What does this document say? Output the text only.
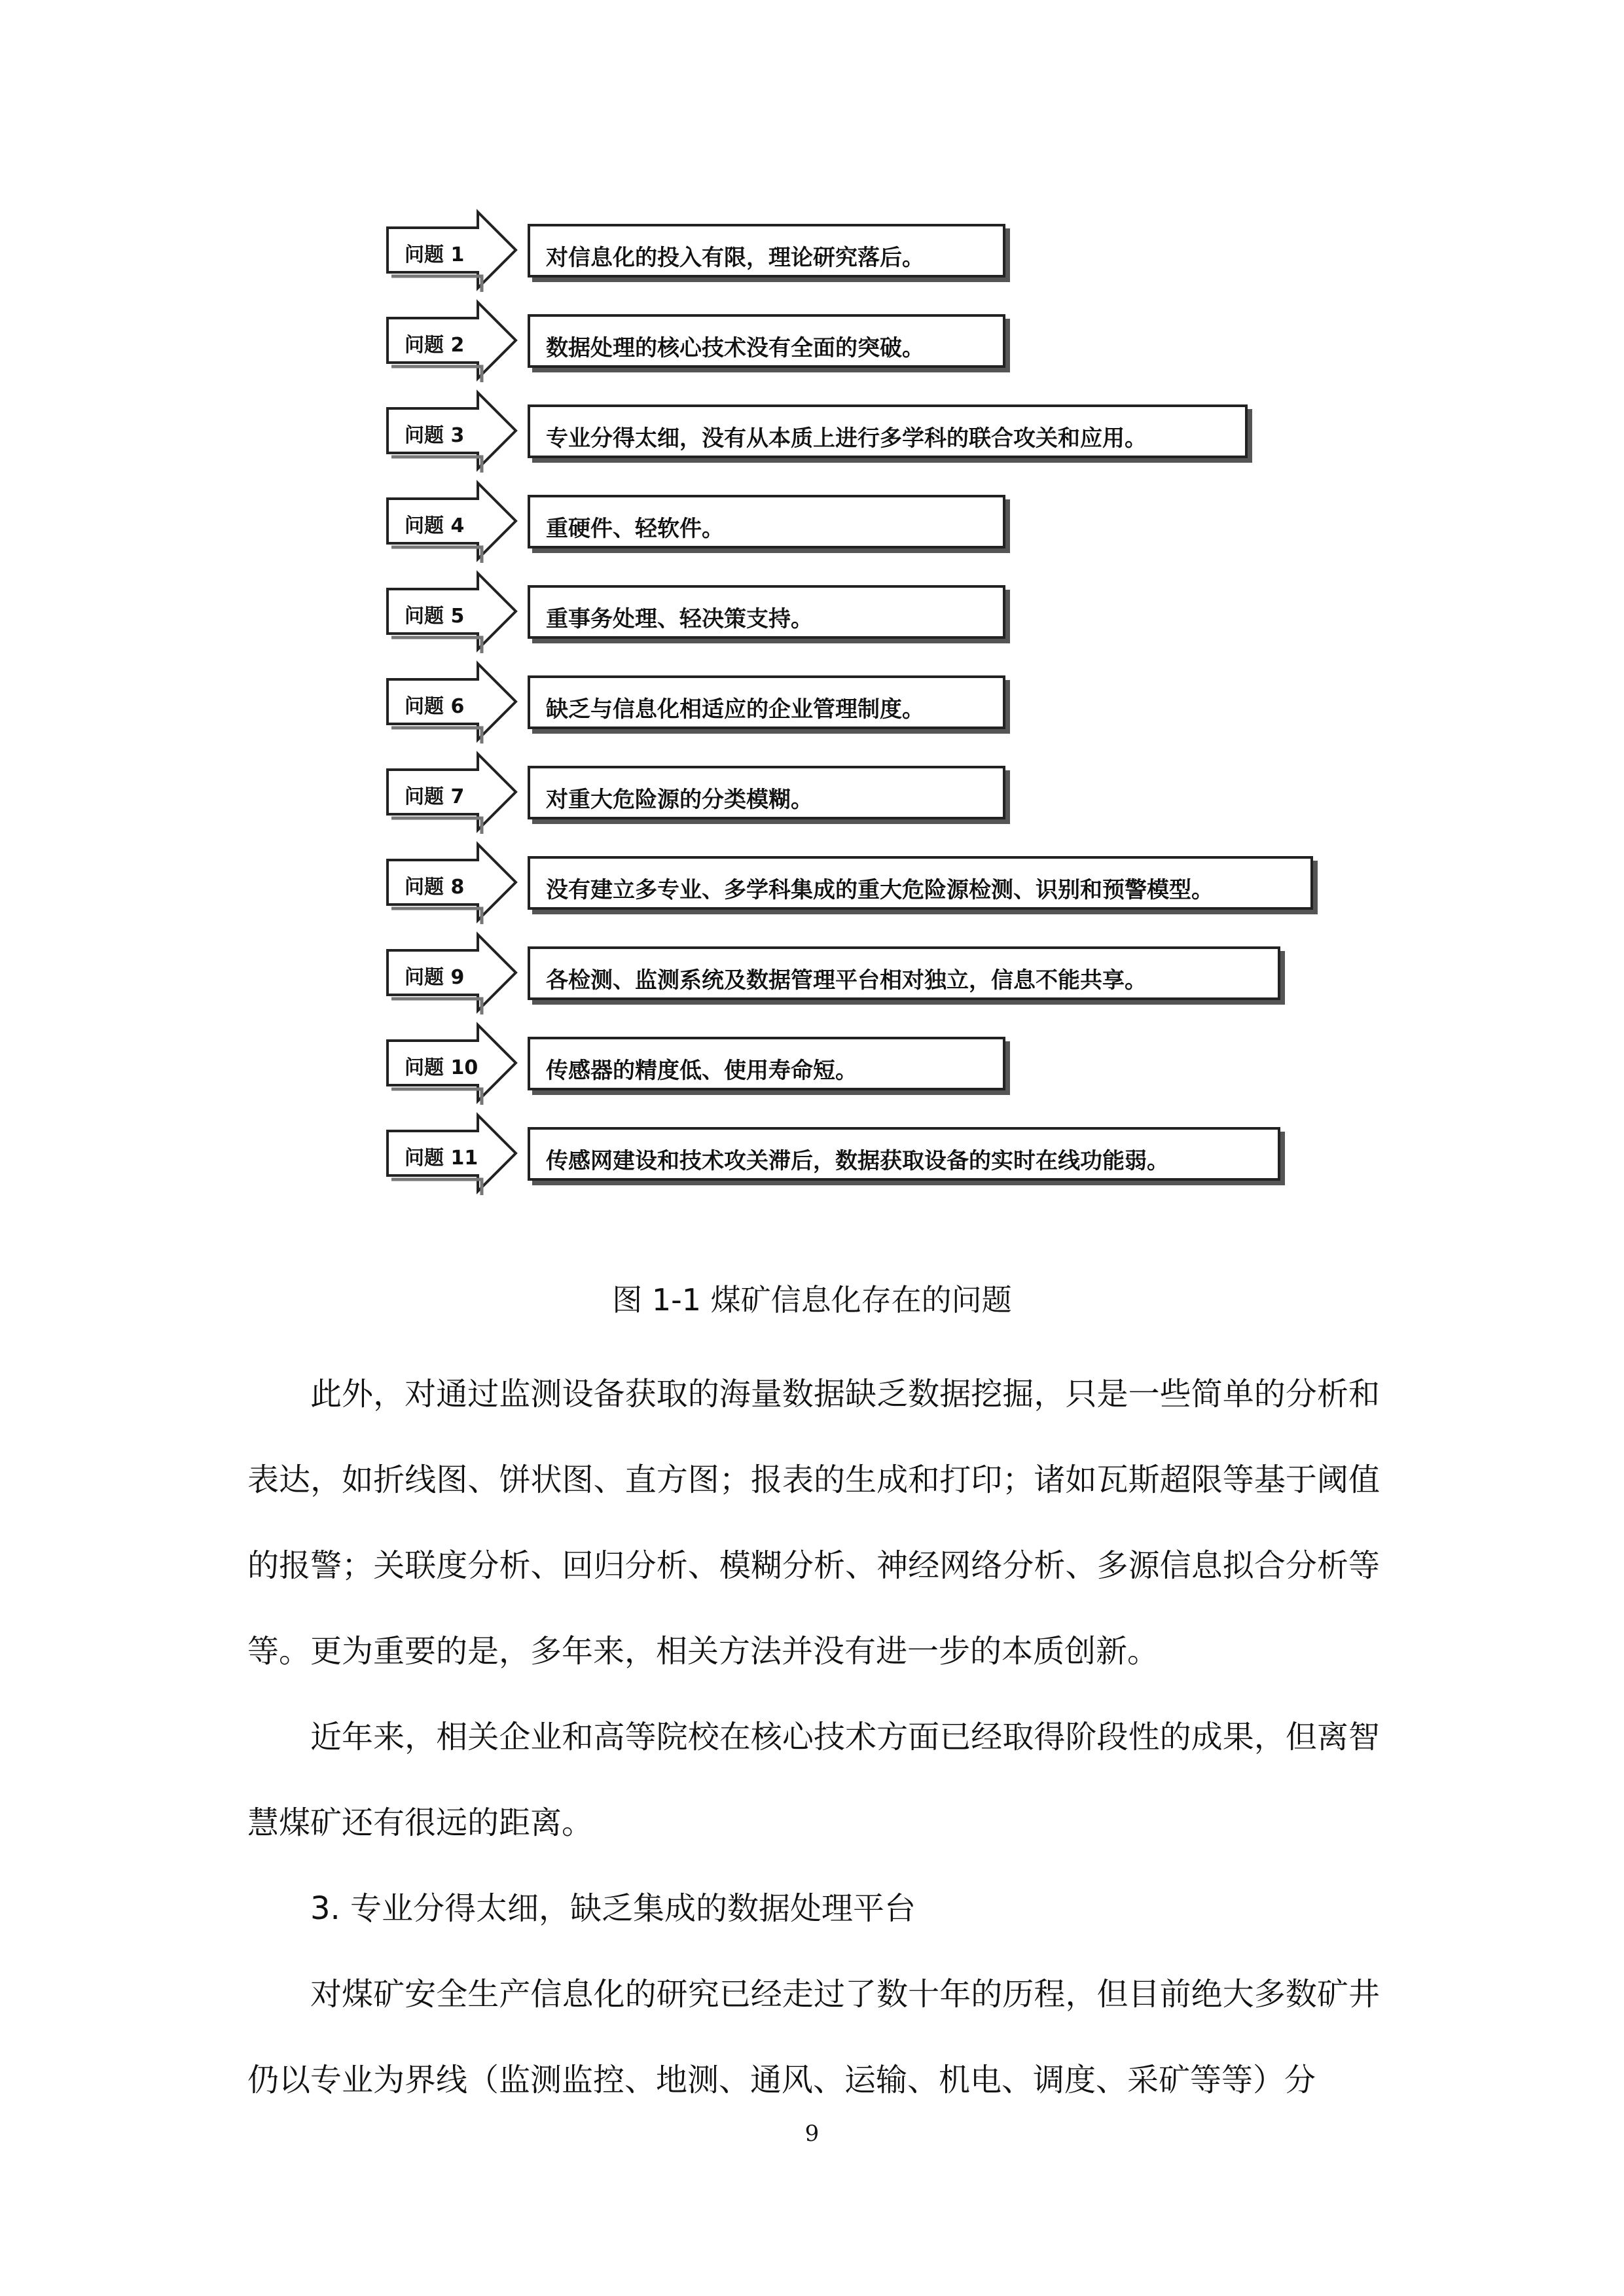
问题 1	对信息化的投入有限，理论研究落后。
问题 2	数据处理的核心技术没有全面的突破。
问题 3	专业分得太细，没有从本质上进行多学科的联合攻关和应用。
问题 4	重硬件、轻软件。
问题 5	重事务处理、轻决策支持。
问题 6	缺乏与信息化相适应的企业管理制度。
问题 7	对重大危险源的分类模糊。
问题 8	没有建立多专业、多学科集成的重大危险源检测、识别和预警模型。
问题 9	各检测、监测系统及数据管理平台相对独立，信息不能共享。
问题 10	传感器的精度低、使用寿命短。
问题 11	传感网建设和技术攻关滞后，数据获取设备的实时在线功能弱。
图 1-1 煤矿信息化存在的问题

此外，对通过监测设备获取的海量数据缺乏数据挖掘，只是一些简单的分析和表达，如折线图、饼状图、直方图；报表的生成和打印；诸如瓦斯超限等基于阈值的报警；关联度分析、回归分析、模糊分析、神经网络分析、多源信息拟合分析等等。更为重要的是，多年来，相关方法并没有进一步的本质创新。

近年来，相关企业和高等院校在核心技术方面已经取得阶段性的成果，但离智慧煤矿还有很远的距离。

3. 专业分得太细，缺乏集成的数据处理平台

对煤矿安全生产信息化的研究已经走过了数十年的历程，但目前绝大多数矿井仍以专业为界线（监测监控、地测、通风、运输、机电、调度、采矿等等）分

9
